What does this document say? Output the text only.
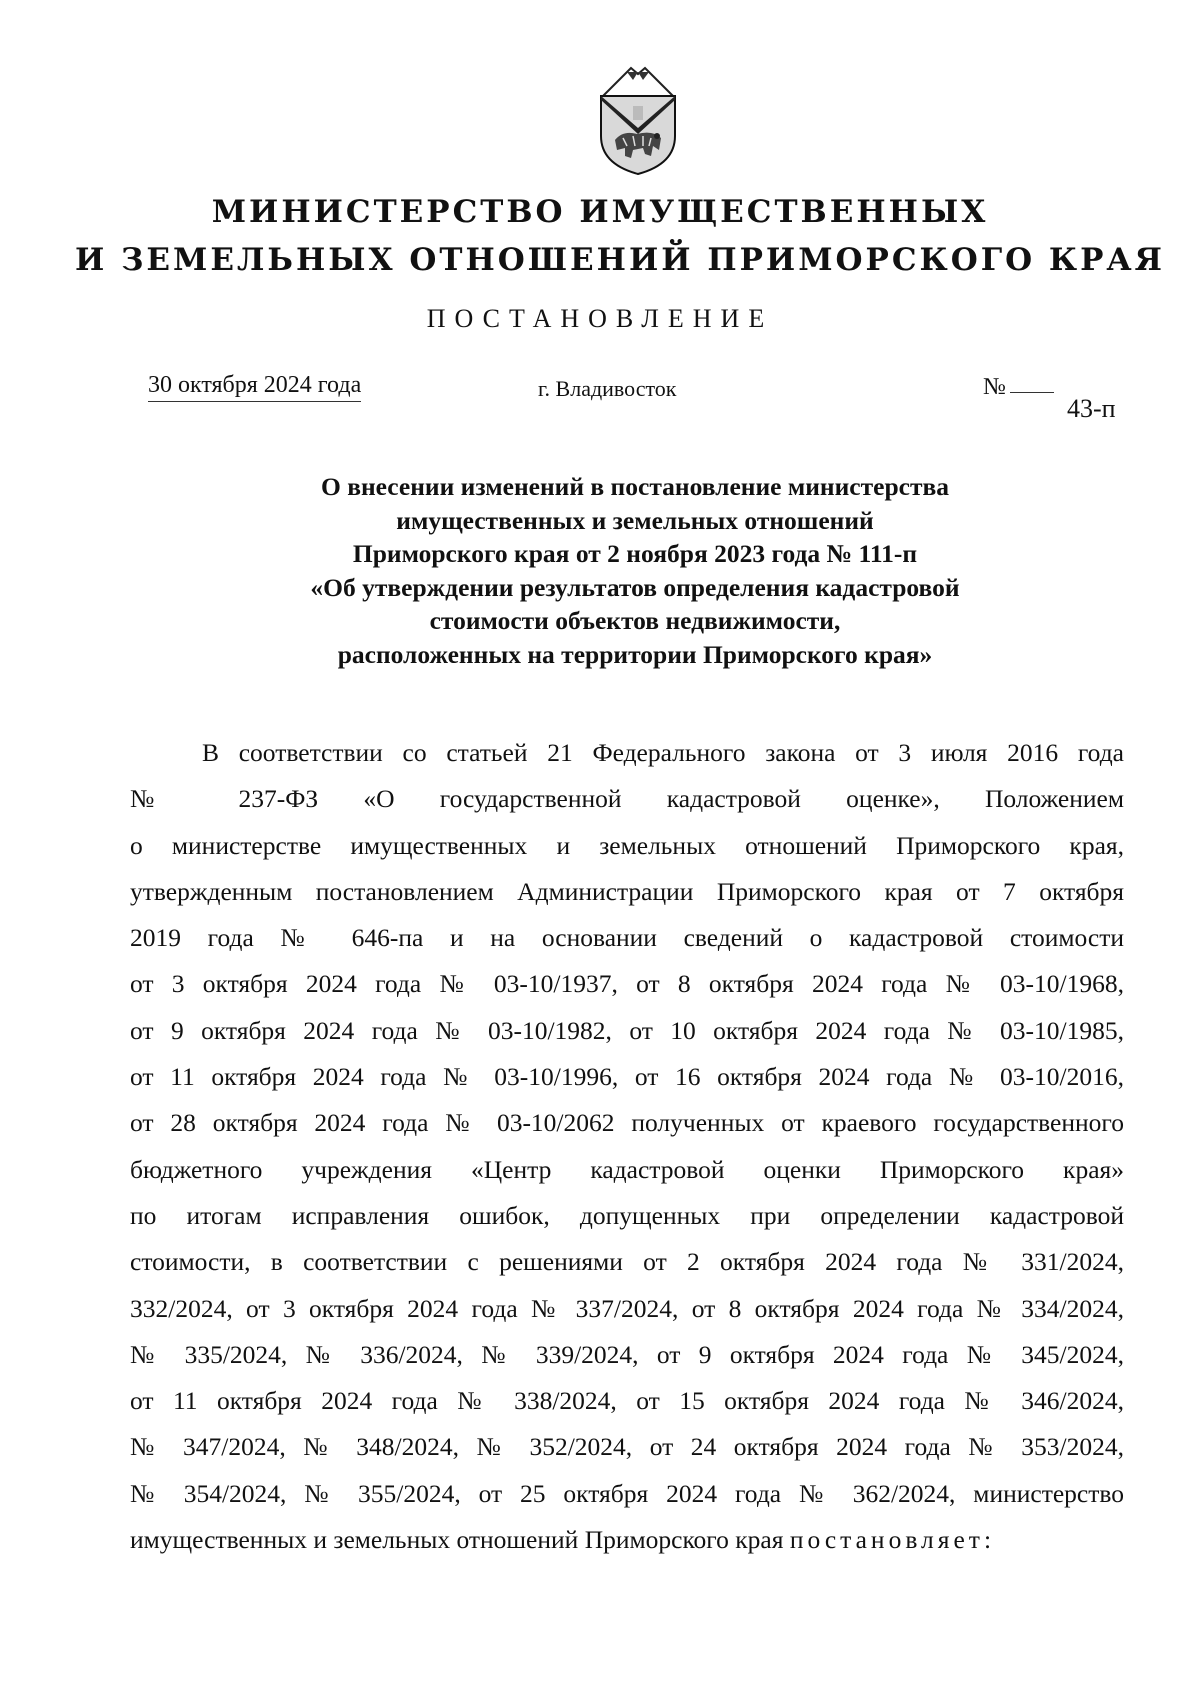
МИНИСТЕРСТВО ИМУЩЕСТВЕННЫХ

И ЗЕМЕЛЬНЫХ ОТНОШЕНИЙ ПРИМОРСКОГО КРАЯ
ПОСТАНОВЛЕНИЕ
30 октября 2024 года	г. Владивосток	№
43-п
О внесении изменений в постановление министерства
имущественных и земельных отношений
Приморского края от 2 ноября 2023 года № 111-п
«Об утверждении результатов определения кадастровой
стоимости объектов недвижимости,
расположенных на территории Приморского края»
В соответствии со статьей 21 Федерального закона от 3 июля 2016 года
№ 237-ФЗ «О государственной кадастровой оценке», Положением
о министерстве имущественных и земельных отношений Приморского края,
утвержденным постановлением Администрации Приморского края от 7 октября
2019 года № 646-па и на основании сведений о кадастровой стоимости
от 3 октября 2024 года № 03-10/1937, от 8 октября 2024 года № 03-10/1968,
от 9 октября 2024 года № 03-10/1982, от 10 октября 2024 года № 03-10/1985,
от 11 октября 2024 года № 03-10/1996, от 16 октября 2024 года № 03-10/2016,
от 28 октября 2024 года № 03-10/2062 полученных от краевого государственного
бюджетного учреждения «Центр кадастровой оценки Приморского края»
по итогам исправления ошибок, допущенных при определении кадастровой
стоимости, в соответствии с решениями от 2 октября 2024 года № 331/2024,
332/2024, от 3 октября 2024 года № 337/2024, от 8 октября 2024 года № 334/2024,
№ 335/2024, № 336/2024, № 339/2024, от 9 октября 2024 года № 345/2024,
от 11 октября 2024 года № 338/2024, от 15 октября 2024 года № 346/2024,
№ 347/2024, № 348/2024, № 352/2024, от 24 октября 2024 года № 353/2024,
№ 354/2024, № 355/2024, от 25 октября 2024 года № 362/2024, министерство
имущественных и земельных отношений Приморского края постановляет:
